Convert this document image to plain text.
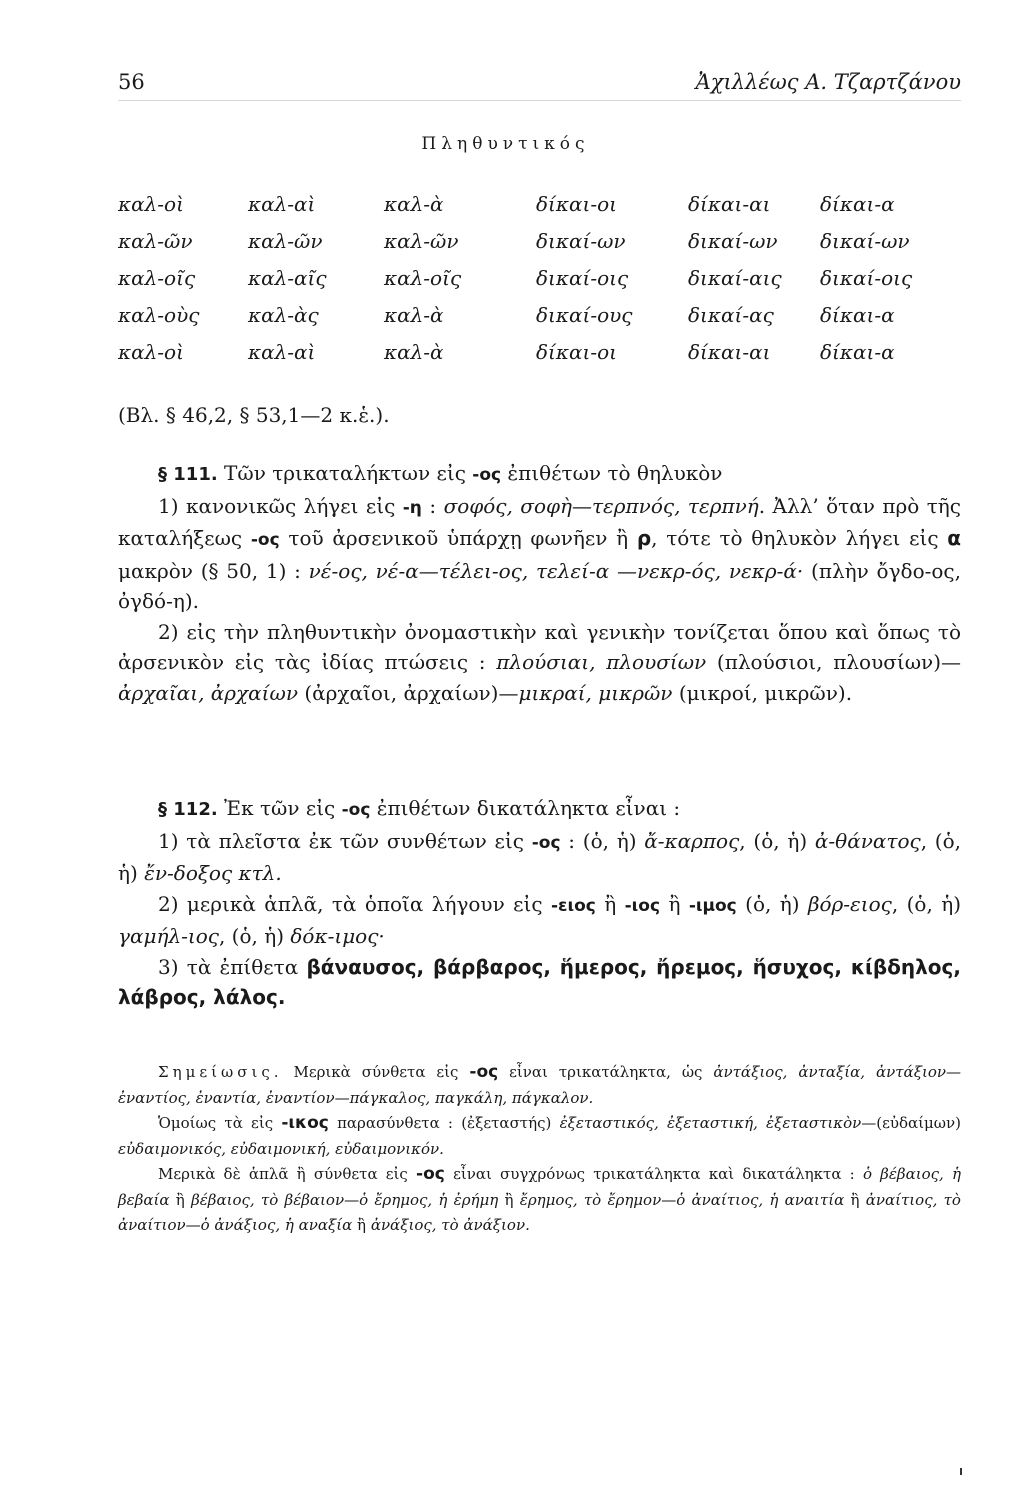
56	Ἀχιλλέως Α. Τζαρτζάνου
Πληθυντικός
καλ-οὶ	καλ-αὶ	καλ-ὰ	δίκαι-οι	δίκαι-αι δίκαι-α
καλ-ῶν	καλ-ῶν	καλ-ῶν	δικαί-ων	δικαί-ων δικαί-ων
καλ-οῖς	καλ-αῖς	καλ-οῖς	δικαί-οις	δικαί-αις δικαί-οις
καλ-οὺς καλ-ὰς	καλ-ὰ	δικαί-ους	δικαί-ας δίκαι-α
καλ-οὶ	καλ-αὶ	καλ-ὰ	δίκαι-οι	δίκαι-αι δίκαι-α
(Βλ. § 46,2, § 53,1—2 κ.ἑ.).

§ 111. Τῶν τρικαταλήκτων εἰς -ος ἐπιθέτων τὸ θηλυκὸν

1) κανονικῶς λήγει εἰς -η : σοφός, σοφὴ—τερπνός, τερπνή. Ἀλλ’ ὅταν πρὸ τῆς καταλήξεως -ος τοῦ ἀρσενικοῦ ὑπάρχῃ φωνῆεν ἢ ρ, τότε τὸ θηλυκὸν λήγει εἰς α μακρὸν (§ 50, 1) : νέ-ος, νέ-α—τέλει-ος, τελεί-α —νεκρ-ός, νεκρ-ά· (πλὴν ὄγδο-ος, ὀγδό-η).

2) εἰς τὴν πληθυντικὴν ὀνομαστικὴν καὶ γενικὴν τονίζεται ὅπου καὶ ὅπως τὸ ἀρσενικὸν εἰς τὰς ἰδίας πτώσεις : πλούσιαι, πλουσίων (πλούσιοι, πλουσίων)—ἀρχαῖαι, ἀρχαίων (ἀρχαῖοι, ἀρχαίων)—μικραί, μικρῶν (μικροί, μικρῶν).

§ 112. Ἐκ τῶν εἰς -ος ἐπιθέτων δικατάληκτα εἶναι :

1) τὰ πλεῖστα ἐκ τῶν συνθέτων εἰς -ος : (ὁ, ἡ) ἄ-καρπος, (ὁ, ἡ) ἀ-θάνατος, (ὁ, ἡ) ἔν-δοξος κτλ.

2) μερικὰ ἁπλᾶ, τὰ ὁποῖα λήγουν εἰς -ειος ἢ -ιος ἢ -ιμος (ὁ, ἡ) βόρ-ειος, (ὁ, ἡ) γαμήλ-ιος, (ὁ, ἡ) δόκ-ιμος·

3) τὰ ἐπίθετα βάναυσος, βάρβαρος, ἥμερος, ἤρεμος, ἥσυχος, κίβδηλος, λάβρος, λάλος.

Σημείωσις. Μερικὰ σύνθετα εἰς -ος εἶναι τρικατάληκτα, ὡς ἀντάξιος, ἀνταξία, ἀντάξιον—ἐναντίος, ἐναντία, ἐναντίον—πάγκαλος, παγκάλη, πάγκαλον.

Ὁμοίως τὰ εἰς -ικος παρασύνθετα : (ἐξεταστής) ἐξεταστικός, ἐξεταστική, ἐξεταστικὸν—(εὐδαίμων) εὐδαιμονικός, εὐδαιμονική, εὐδαιμονικόν.

Μερικὰ δὲ ἁπλᾶ ἢ σύνθετα εἰς -ος εἶναι συγχρόνως τρικατάληκτα καὶ δικατάληκτα : ὁ βέβαιος, ἡ βεβαία ἢ βέβαιος, τὸ βέβαιον—ὁ ἔρημος, ἡ ἐρήμη ἢ ἔρημος, τὸ ἔρημον—ὁ ἀναίτιος, ἡ αναιτία ἢ ἀναίτιος, τὸ ἀναίτιον—ὁ ἀνάξιος, ἡ αναξία ἢ ἀνάξιος, τὸ ἀνάξιον.
